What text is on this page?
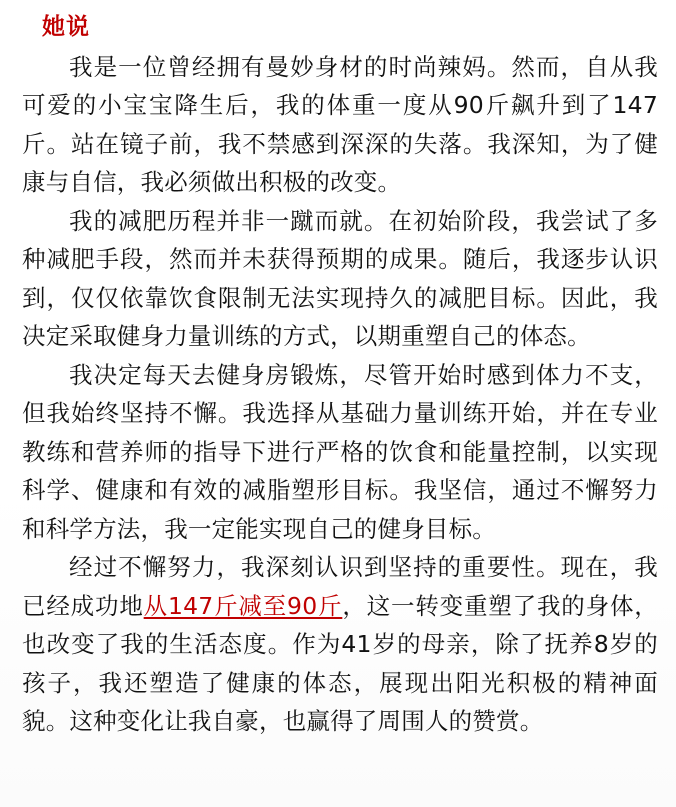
她说

我是一位曾经拥有曼妙身材的时尚辣妈。然而，自从我可爱的小宝宝降生后，我的体重一度从90斤飙升到了147斤。站在镜子前，我不禁感到深深的失落。我深知，为了健康与自信，我必须做出积极的改变。

我的减肥历程并非一蹴而就。在初始阶段，我尝试了多种减肥手段，然而并未获得预期的成果。随后，我逐步认识到，仅仅依靠饮食限制无法实现持久的减肥目标。因此，我决定采取健身力量训练的方式，以期重塑自己的体态。

我决定每天去健身房锻炼，尽管开始时感到体力不支，但我始终坚持不懈。我选择从基础力量训练开始，并在专业教练和营养师的指导下进行严格的饮食和能量控制，以实现科学、健康和有效的减脂塑形目标。我坚信，通过不懈努力和科学方法，我一定能实现自己的健身目标。

经过不懈努力，我深刻认识到坚持的重要性。现在，我已经成功地从147斤减至90斤，这一转变重塑了我的身体，也改变了我的生活态度。作为41岁的母亲，除了抚养8岁的孩子，我还塑造了健康的体态，展现出阳光积极的精神面貌。这种变化让我自豪，也赢得了周围人的赞赏。
